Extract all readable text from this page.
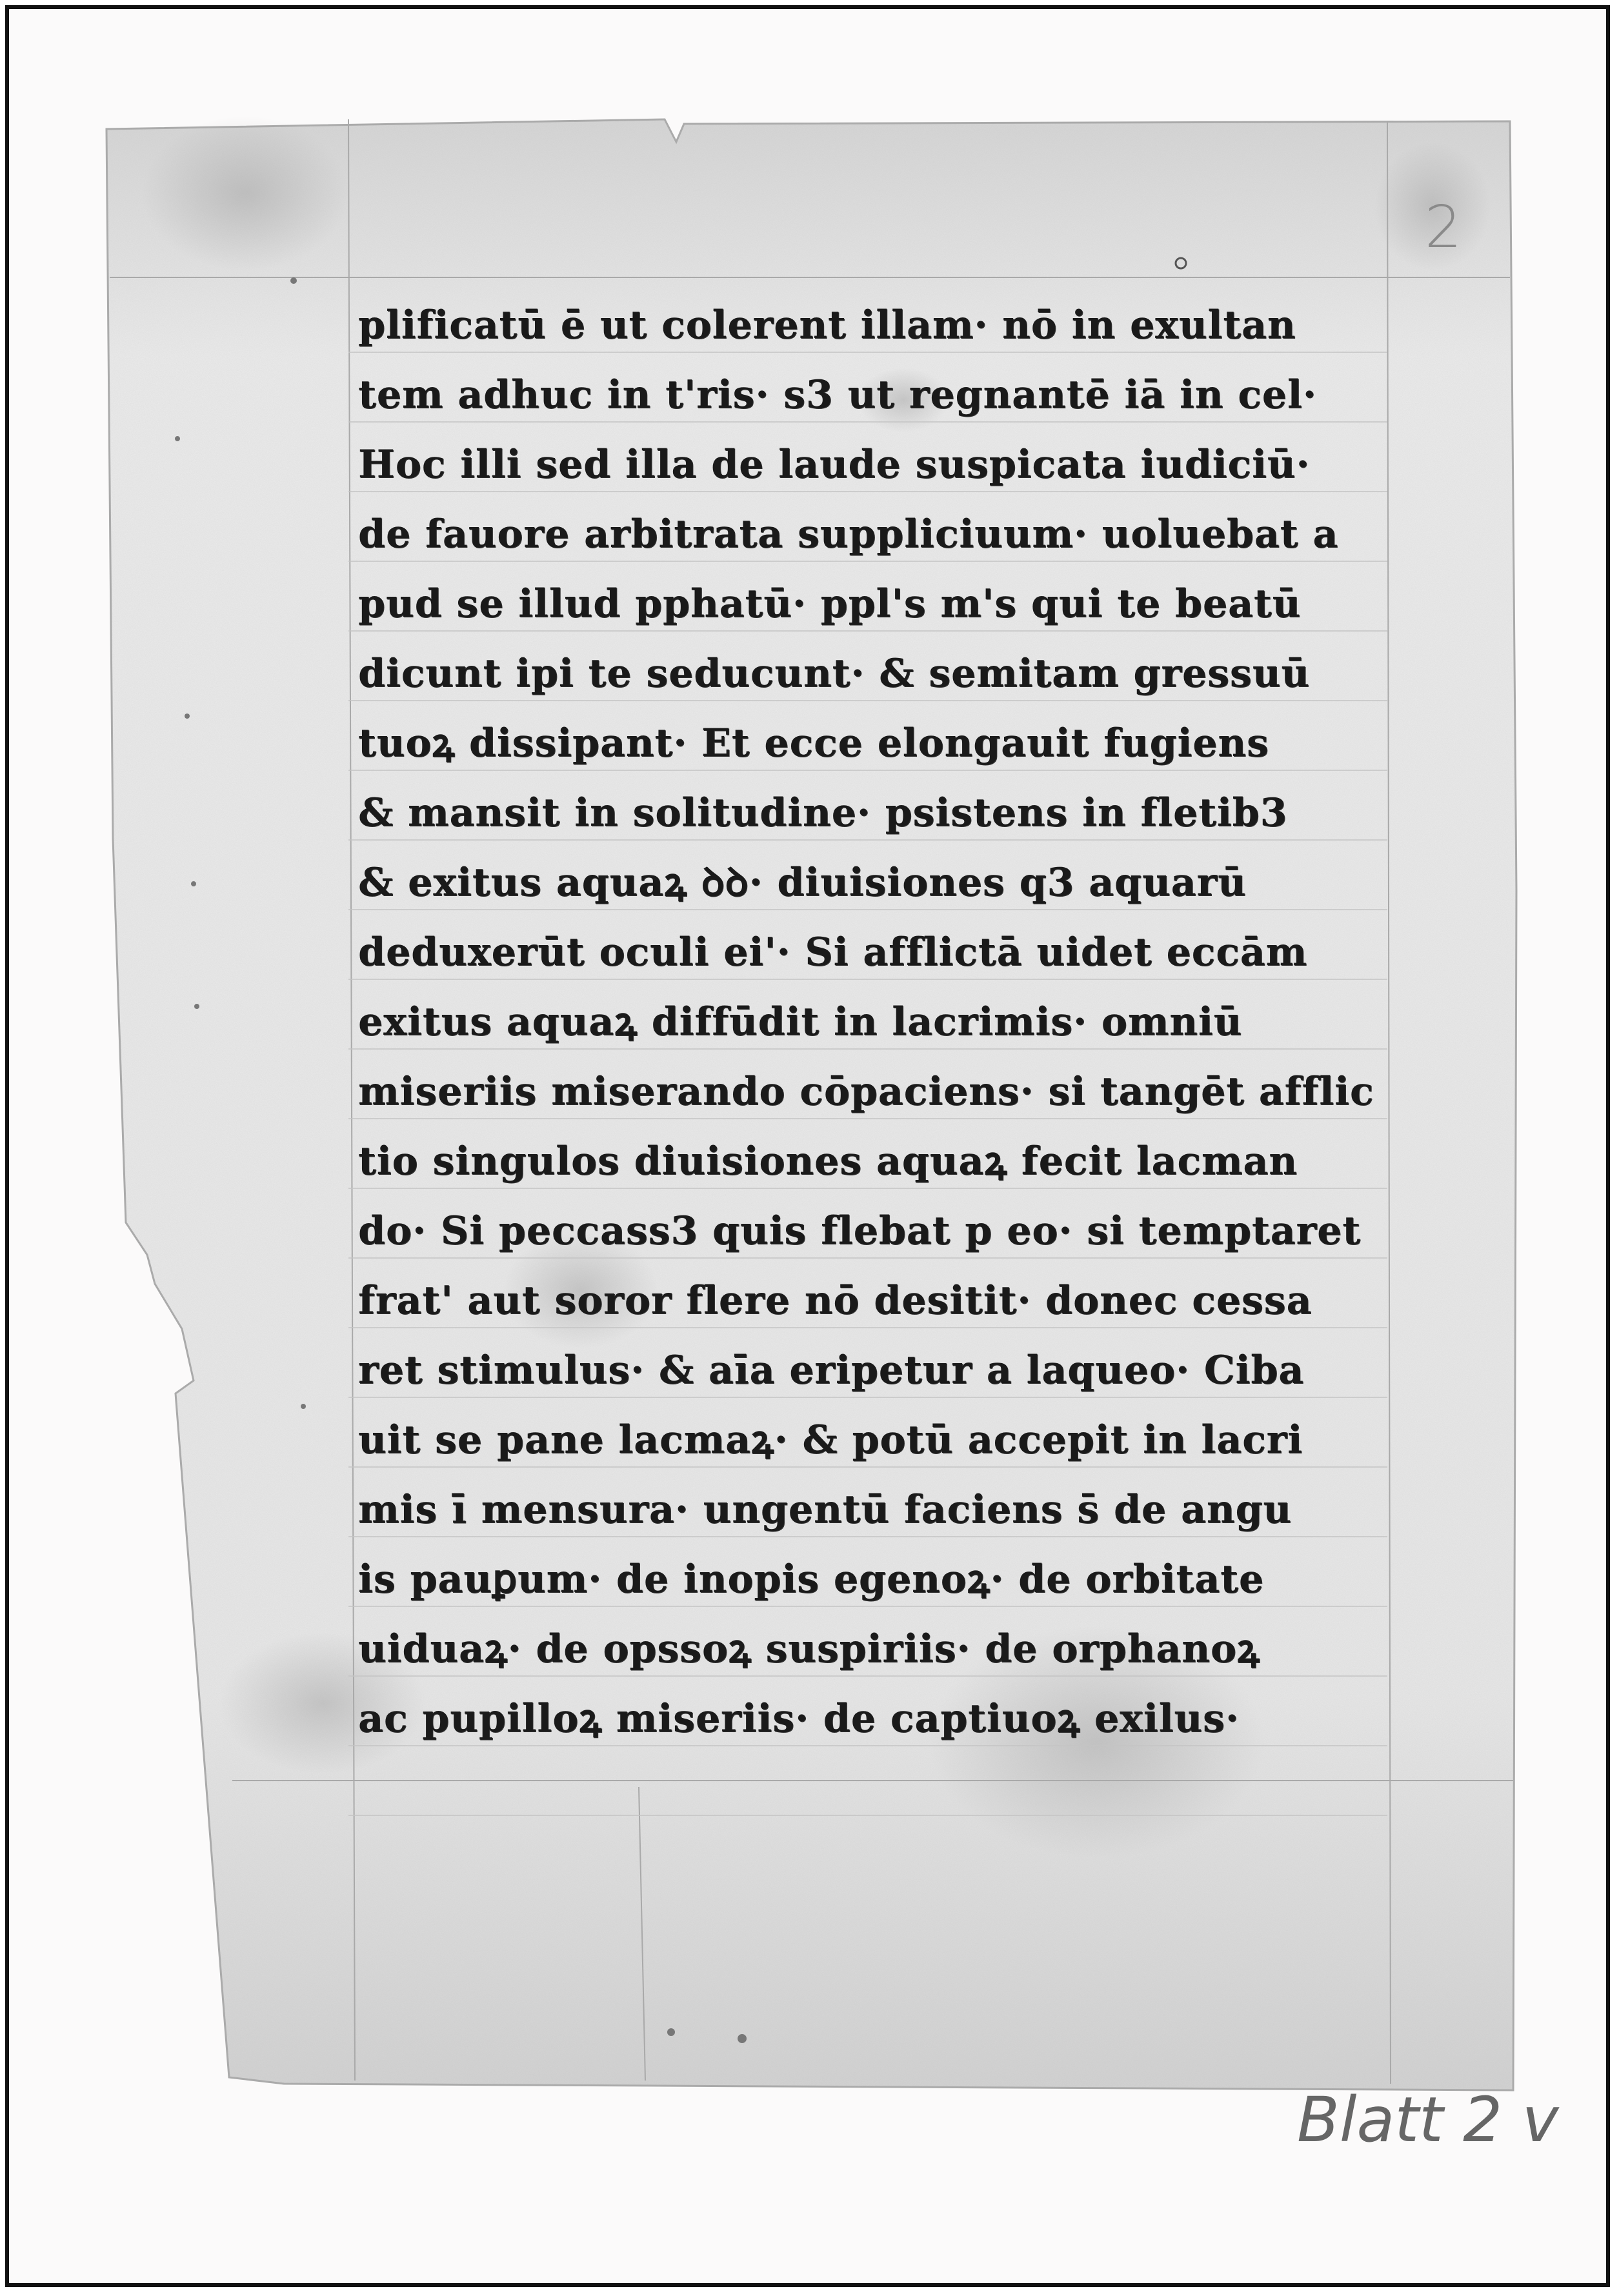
2
plificatū ē ut colerent illam· nō in exultan
tem adhuc in t'ris· s3 ut regnantē iā in cel·
Hoc illi sed illa de laude suspicata iudiciū·
de fauore arbitrata suppliciuum· uoluebat a
pud se illud pphatū· ppl's m's qui te beatū
dicunt ipi te seducunt· & semitam gressuū
tuoꝝ dissipant· Et ecce elongauit fugiens
& mansit in solitudine· psistens in fletib3
& exitus aquaꝝ ꝺꝺ· diuisiones q3 aquarū
deduxerūt oculi ei'· Si afflictā uidet eccām
exitus aquaꝝ diffūdit in lacrimis· omniū
miseriis miserando cōpaciens· si tangēt afflic
tio singulos diuisiones aquaꝝ fecit lacman
do· Si peccass3 quis flebat p eo· si temptaret
frat' aut soror flere nō desitit· donec cessa
ret stimulus· & aīa eripetur a laqueo· Ciba
uit se pane lacmaꝝ· & potū accepit in lacri
mis ī mensura· ungentū faciens s̄ de angu
is pauꝑum· de inopis egenoꝝ· de orbitate
uiduaꝝ· de opssoꝝ suspiriis· de orphanoꝝ
ac pupilloꝝ miseriis· de captiuoꝝ exilus·
Blatt 2 v
